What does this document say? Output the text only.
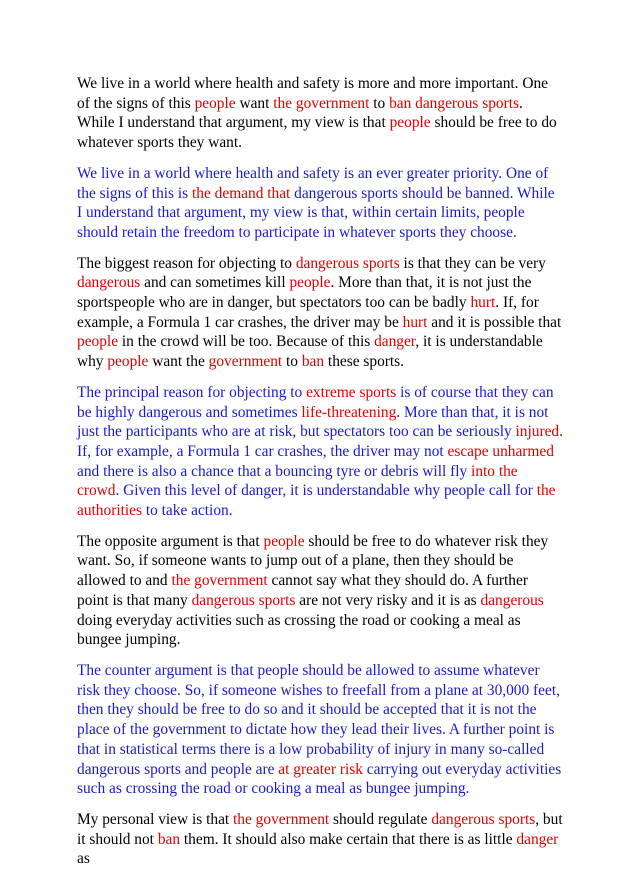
We live in a world where health and safety is more and more important. One of the signs of this people want the government to ban dangerous sports. While I understand that argument, my view is that people should be free to do whatever sports they want.

We live in a world where health and safety is an ever greater priority. One of the signs of this is the demand that dangerous sports should be banned. While I understand that argument, my view is that, within certain limits, people should retain the freedom to participate in whatever sports they choose.

The biggest reason for objecting to dangerous sports is that they can be very dangerous and can sometimes kill people. More than that, it is not just the sportspeople who are in danger, but spectators too can be badly hurt. If, for example, a Formula 1 car crashes, the driver may be hurt and it is possible that people in the crowd will be too. Because of this danger, it is understandable why people want the government to ban these sports.

The principal reason for objecting to extreme sports is of course that they can be highly dangerous and sometimes life-threatening. More than that, it is not just the participants who are at risk, but spectators too can be seriously injured. If, for example, a Formula 1 car crashes, the driver may not escape unharmed and there is also a chance that a bouncing tyre or debris will fly into the crowd. Given this level of danger, it is understandable why people call for the authorities to take action.

The opposite argument is that people should be free to do whatever risk they want. So, if someone wants to jump out of a plane, then they should be allowed to and the government cannot say what they should do. A further point is that many dangerous sports are not very risky and it is as dangerous doing everyday activities such as crossing the road or cooking a meal as bungee jumping.

The counter argument is that people should be allowed to assume whatever risk they choose. So, if someone wishes to freefall from a plane at 30,000 feet, then they should be free to do so and it should be accepted that it is not the place of the government to dictate how they lead their lives. A further point is that in statistical terms there is a low probability of injury in many so-called dangerous sports and people are at greater risk carrying out everyday activities such as crossing the road or cooking a meal as bungee jumping.

My personal view is that the government should regulate dangerous sports, but it should not ban them. It should also make certain that there is as little danger as
